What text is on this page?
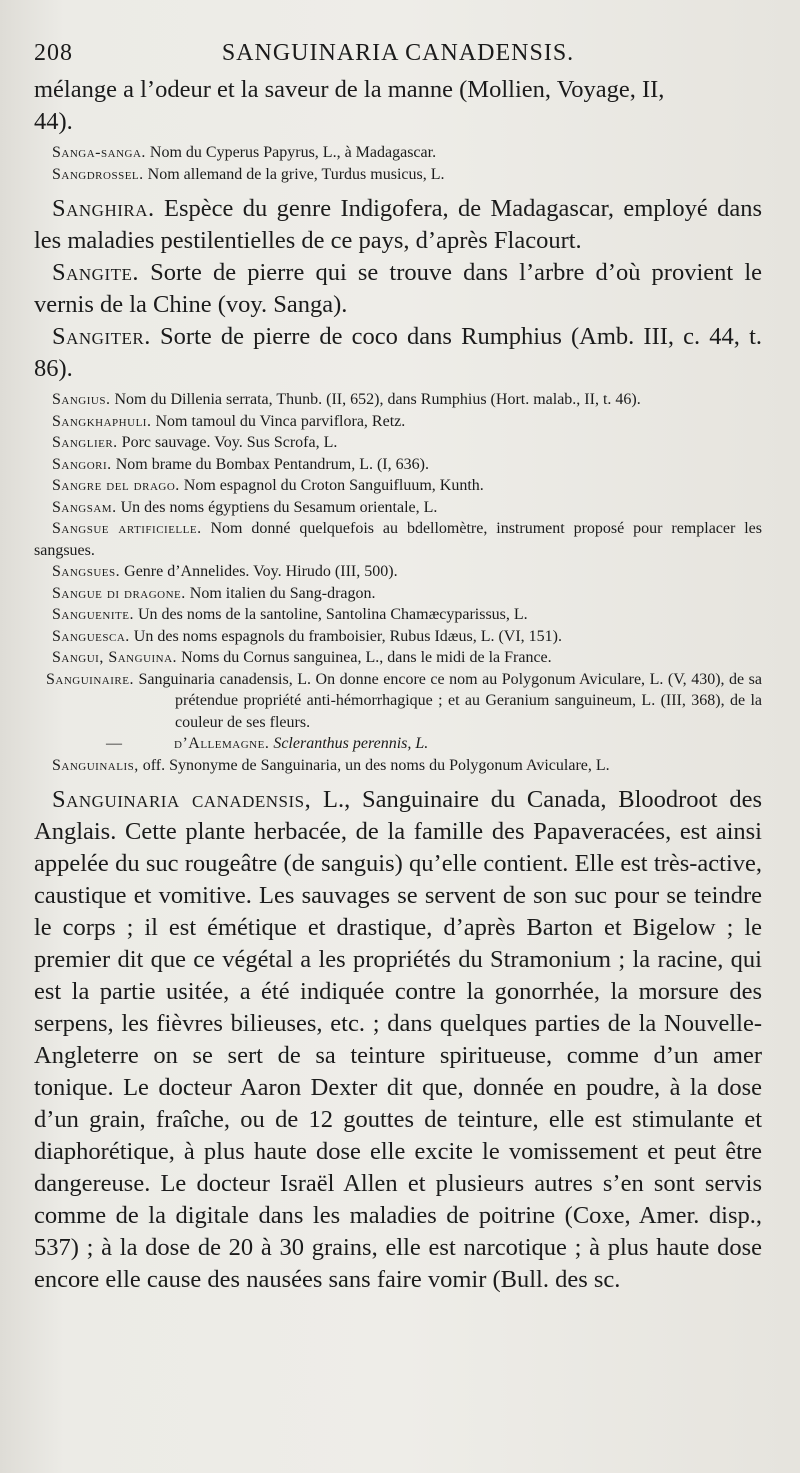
208	SANGUINARIA CANADENSIS.
mélange a l’odeur et la saveur de la manne (Mollien, Voyage, II,
44).
Sanga-sanga. Nom du Cyperus Papyrus, L., à Madagascar.
Sangdrossel. Nom allemand de la grive, Turdus musicus, L.
Sanghira. Espèce du genre Indigofera, de Madagascar, employé dans les maladies pestilentielles de ce pays, d’après Flacourt.
Sangite. Sorte de pierre qui se trouve dans l’arbre d’où provient le vernis de la Chine (voy. Sanga).
Sangiter. Sorte de pierre de coco dans Rumphius (Amb. III, c. 44, t. 86).
Sangius. Nom du Dillenia serrata, Thunb. (II, 652), dans Rumphius (Hort. malab., II, t. 46).
Sangkhaphuli. Nom tamoul du Vinca parviflora, Retz.
Sanglier. Porc sauvage. Voy. Sus Scrofa, L.
Sangori. Nom brame du Bombax Pentandrum, L. (I, 636).
Sangre del drago. Nom espagnol du Croton Sanguifluum, Kunth.
Sangsam. Un des noms égyptiens du Sesamum orientale, L.
Sangsue artificielle. Nom donné quelquefois au bdellomètre, instrument proposé pour remplacer les sangsues.
Sangsues. Genre d’Annelides. Voy. Hirudo (III, 500).
Sangue di dragone. Nom italien du Sang-dragon.
Sanguenite. Un des noms de la santoline, Santolina Chamæcyparissus, L.
Sanguesca. Un des noms espagnols du framboisier, Rubus Idæus, L. (VI, 151).
Sangui, Sanguina. Noms du Cornus sanguinea, L., dans le midi de la France.
Sanguinaire. Sanguinaria canadensis, L. On donne encore ce nom au Polygonum Aviculare, L. (V, 430), de sa prétendue propriété anti-hémorrhagique ; et au Geranium sanguineum, L. (III, 368), de la couleur de ses fleurs.
—	d’Allemagne. Scleranthus perennis, L.
Sanguinalis, off. Synonyme de Sanguinaria, un des noms du Polygonum Aviculare, L.
Sanguinaria canadensis, L., Sanguinaire du Canada, Bloodroot des Anglais. Cette plante herbacée, de la famille des Papaveracées, est ainsi appelée du suc rougeâtre (de sanguis) qu’elle contient. Elle est très-active, caustique et vomitive. Les sauvages se servent de son suc pour se teindre le corps ; il est émétique et drastique, d’après Barton et Bigelow ; le premier dit que ce végétal a les propriétés du Stramonium ; la racine, qui est la partie usitée, a été indiquée contre la gonorrhée, la morsure des serpens, les fièvres bilieuses, etc. ; dans quelques parties de la Nouvelle-Angleterre on se sert de sa teinture spiritueuse, comme d’un amer tonique. Le docteur Aaron Dexter dit que, donnée en poudre, à la dose d’un grain, fraîche, ou de 12 gouttes de teinture, elle est stimulante et diaphorétique, à plus haute dose elle excite le vomissement et peut être dangereuse. Le docteur Israël Allen et plusieurs autres s’en sont servis comme de la digitale dans les maladies de poitrine (Coxe, Amer. disp., 537) ; à la dose de 20 à 30 grains, elle est narcotique ; à plus haute dose encore elle cause des nausées sans faire vomir (Bull. des sc.
